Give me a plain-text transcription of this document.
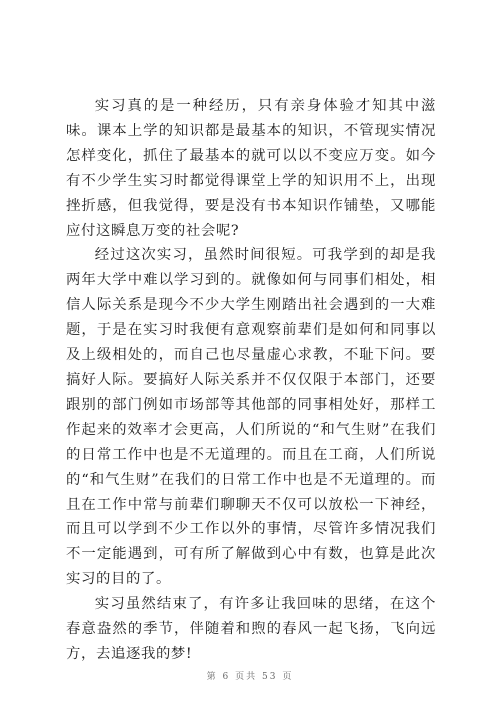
实习真的是一种经历，只有亲身体验才知其中滋味。课本上学的知识都是最基本的知识，不管现实情况怎样变化，抓住了最基本的就可以以不变应万变。如今有不少学生实习时都觉得课堂上学的知识用不上，出现挫折感，但我觉得，要是没有书本知识作铺垫，又哪能应付这瞬息万变的社会呢?

经过这次实习，虽然时间很短。可我学到的却是我两年大学中难以学习到的。就像如何与同事们相处，相信人际关系是现今不少大学生刚踏出社会遇到的一大难题，于是在实习时我便有意观察前辈们是如何和同事以及上级相处的，而自己也尽量虚心求教，不耻下问。要搞好人际。要搞好人际关系并不仅仅限于本部门，还要跟别的部门例如市场部等其他部的同事相处好，那样工作起来的效率才会更高，人们所说的“和气生财”在我们的日常工作中也是不无道理的。而且在工商，人们所说的“和气生财”在我们的日常工作中也是不无道理的。而且在工作中常与前辈们聊聊天不仅可以放松一下神经，而且可以学到不少工作以外的事情，尽管许多情况我们不一定能遇到，可有所了解做到心中有数，也算是此次实习的目的了。

实习虽然结束了，有许多让我回味的思绪，在这个春意盎然的季节，伴随着和煦的春风一起飞扬，飞向远方，去追逐我的梦!

第 6 页共 53 页
